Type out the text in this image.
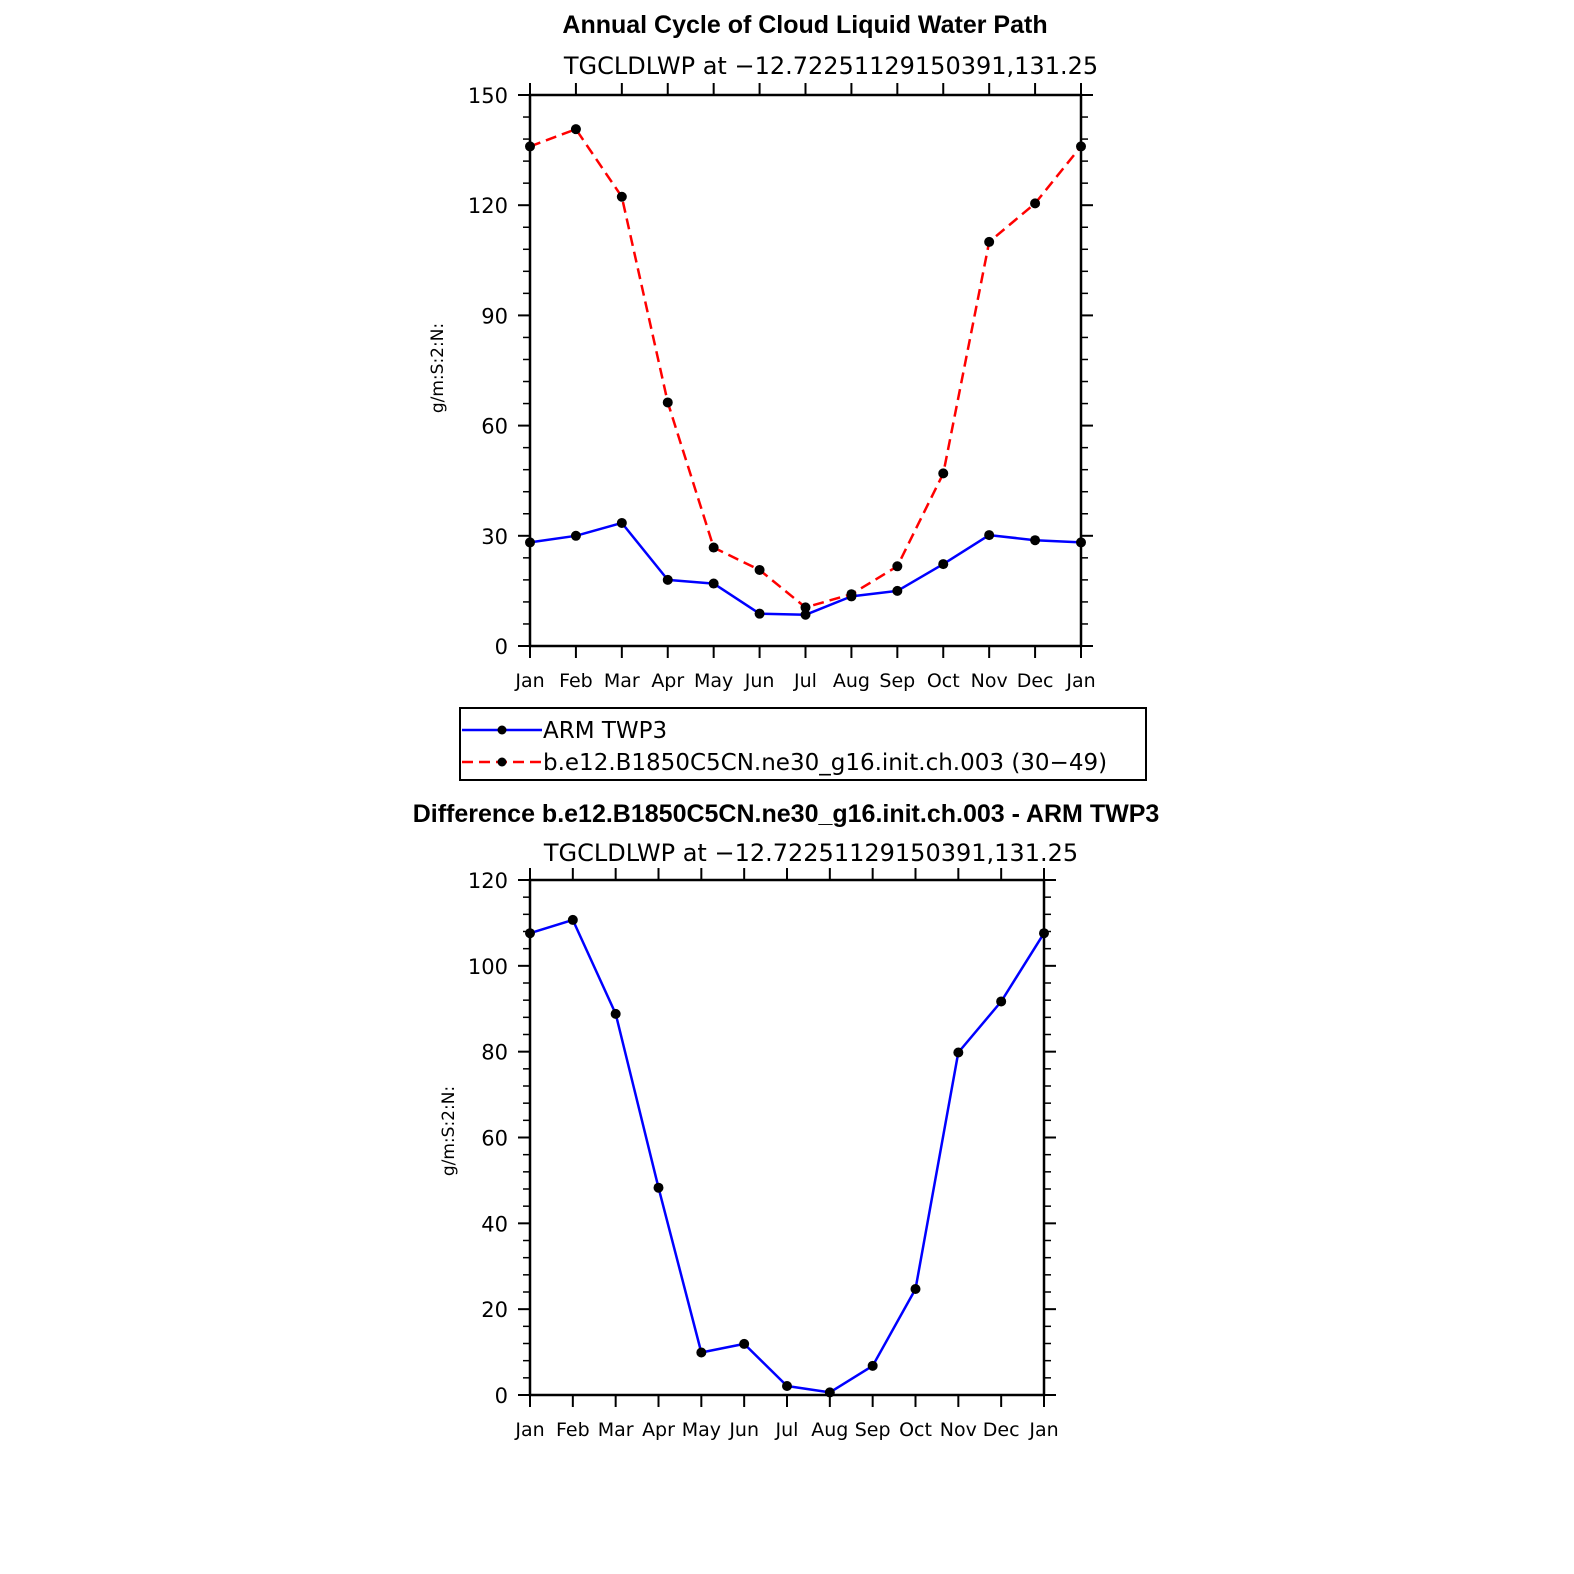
Annual Cycle of Cloud Liquid Water Path
TGCLDLWP at −12.72251129150391,131.25
g/m:S:2:N:
0
30
60
90
120
150
Jan Feb Mar Apr May Jun Jul Aug Sep Oct Nov Dec Jan
ARM TWP3
b.e12.B1850C5CN.ne30_g16.init.ch.003 (30−49)
Difference b.e12.B1850C5CN.ne30_g16.init.ch.003 - ARM TWP3
TGCLDLWP at −12.72251129150391,131.25
g/m:S:2:N:
0
20
40
60
80
100
120
Jan Feb Mar Apr May Jun Jul Aug Sep Oct Nov Dec Jan
